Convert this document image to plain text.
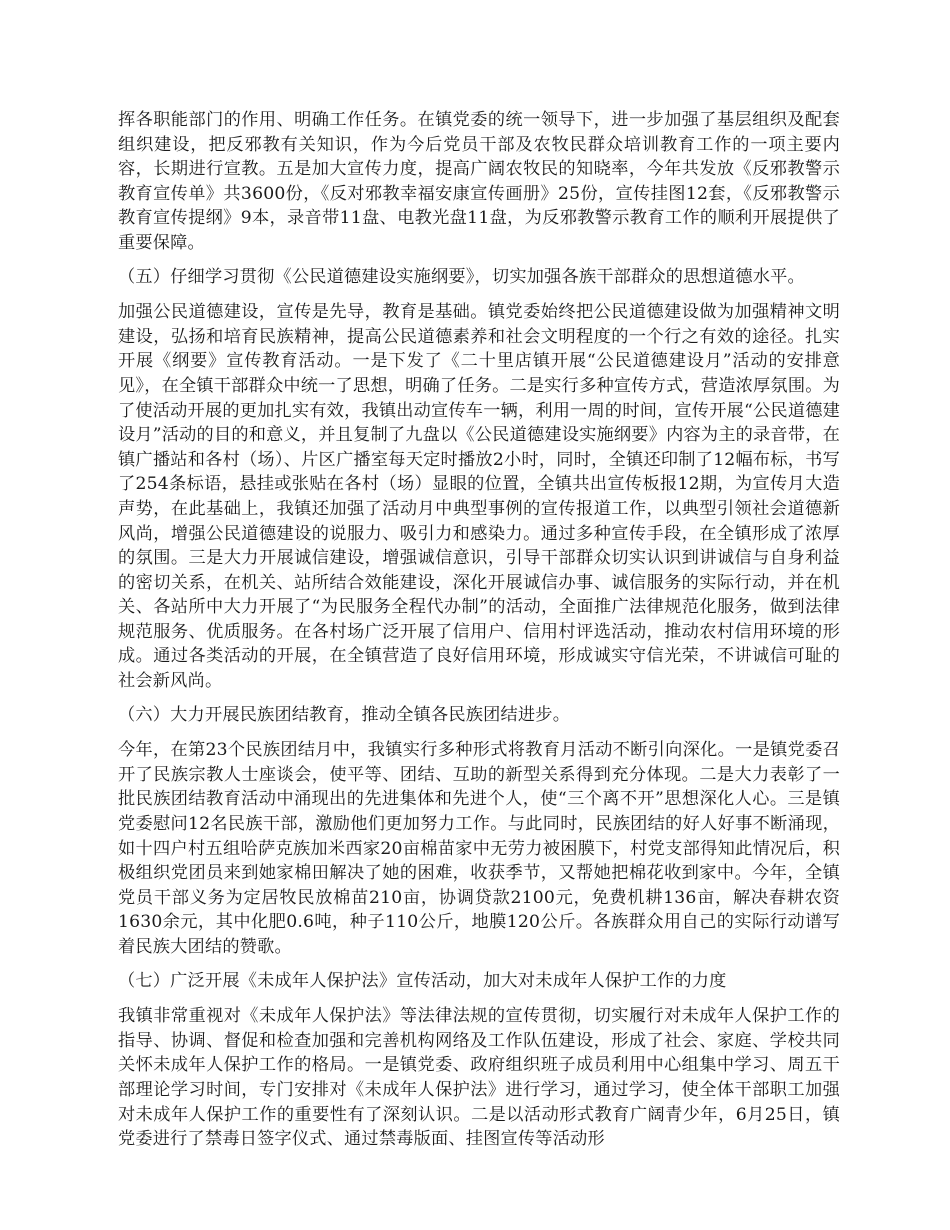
挥各职能部门的作用、明确工作任务。在镇党委的统一领导下，进一步加强了基层组织及配套组织建设，把反邪教有关知识，作为今后党员干部及农牧民群众培训教育工作的一项主要内容，长期进行宣教。五是加大宣传力度，提高广阔农牧民的知晓率，今年共发放《反邪教警示教育宣传单》共3600份，《反对邪教幸福安康宣传画册》25份，宣传挂图12套，《反邪教警示教育宣传提纲》9本，录音带11盘、电教光盘11盘，为反邪教警示教育工作的顺利开展提供了重要保障。

（五）仔细学习贯彻《公民道德建设实施纲要》，切实加强各族干部群众的思想道德水平。

加强公民道德建设，宣传是先导，教育是基础。镇党委始终把公民道德建设做为加强精神文明建设，弘扬和培育民族精神，提高公民道德素养和社会文明程度的一个行之有效的途径。扎实开展《纲要》宣传教育活动。一是下发了《二十里店镇开展“公民道德建设月”活动的安排意见》，在全镇干部群众中统一了思想，明确了任务。二是实行多种宣传方式，营造浓厚氛围。为了使活动开展的更加扎实有效，我镇出动宣传车一辆，利用一周的时间，宣传开展“公民道德建设月”活动的目的和意义，并且复制了九盘以《公民道德建设实施纲要》内容为主的录音带，在镇广播站和各村（场）、片区广播室每天定时播放2小时，同时，全镇还印制了12幅布标，书写了254条标语，悬挂或张贴在各村（场）显眼的位置，全镇共出宣传板报12期，为宣传月大造声势，在此基础上，我镇还加强了活动月中典型事例的宣传报道工作，以典型引领社会道德新风尚，增强公民道德建设的说服力、吸引力和感染力。通过多种宣传手段，在全镇形成了浓厚的氛围。三是大力开展诚信建设，增强诚信意识，引导干部群众切实认识到讲诚信与自身利益的密切关系，在机关、站所结合效能建设，深化开展诚信办事、诚信服务的实际行动，并在机关、各站所中大力开展了“为民服务全程代办制”的活动，全面推广法律规范化服务，做到法律规范服务、优质服务。在各村场广泛开展了信用户、信用村评选活动，推动农村信用环境的形成。通过各类活动的开展，在全镇营造了良好信用环境，形成诚实守信光荣，不讲诚信可耻的社会新风尚。

（六）大力开展民族团结教育，推动全镇各民族团结进步。

今年，在第23个民族团结月中，我镇实行多种形式将教育月活动不断引向深化。一是镇党委召开了民族宗教人士座谈会，使平等、团结、互助的新型关系得到充分体现。二是大力表彰了一批民族团结教育活动中涌现出的先进集体和先进个人，使“三个离不开”思想深化人心。三是镇党委慰问12名民族干部，激励他们更加努力工作。与此同时，民族团结的好人好事不断涌现，如十四户村五组哈萨克族加米西家20亩棉苗家中无劳力被困膜下，村党支部得知此情况后，积极组织党团员来到她家棉田解决了她的困难，收获季节，又帮她把棉花收到家中。今年，全镇党员干部义务为定居牧民放棉苗210亩，协调贷款2100元，免费机耕136亩，解决春耕农资1630余元，其中化肥0.6吨，种子110公斤，地膜120公斤。各族群众用自己的实际行动谱写着民族大团结的赞歌。

（七）广泛开展《未成年人保护法》宣传活动，加大对未成年人保护工作的力度

我镇非常重视对《未成年人保护法》等法律法规的宣传贯彻，切实履行对未成年人保护工作的指导、协调、督促和检查加强和完善机构网络及工作队伍建设，形成了社会、家庭、学校共同关怀未成年人保护工作的格局。一是镇党委、政府组织班子成员利用中心组集中学习、周五干部理论学习时间，专门安排对《未成年人保护法》进行学习，通过学习，使全体干部职工加强对未成年人保护工作的重要性有了深刻认识。二是以活动形式教育广阔青少年，6月25日，镇党委进行了禁毒日签字仪式、通过禁毒版面、挂图宣传等活动形
